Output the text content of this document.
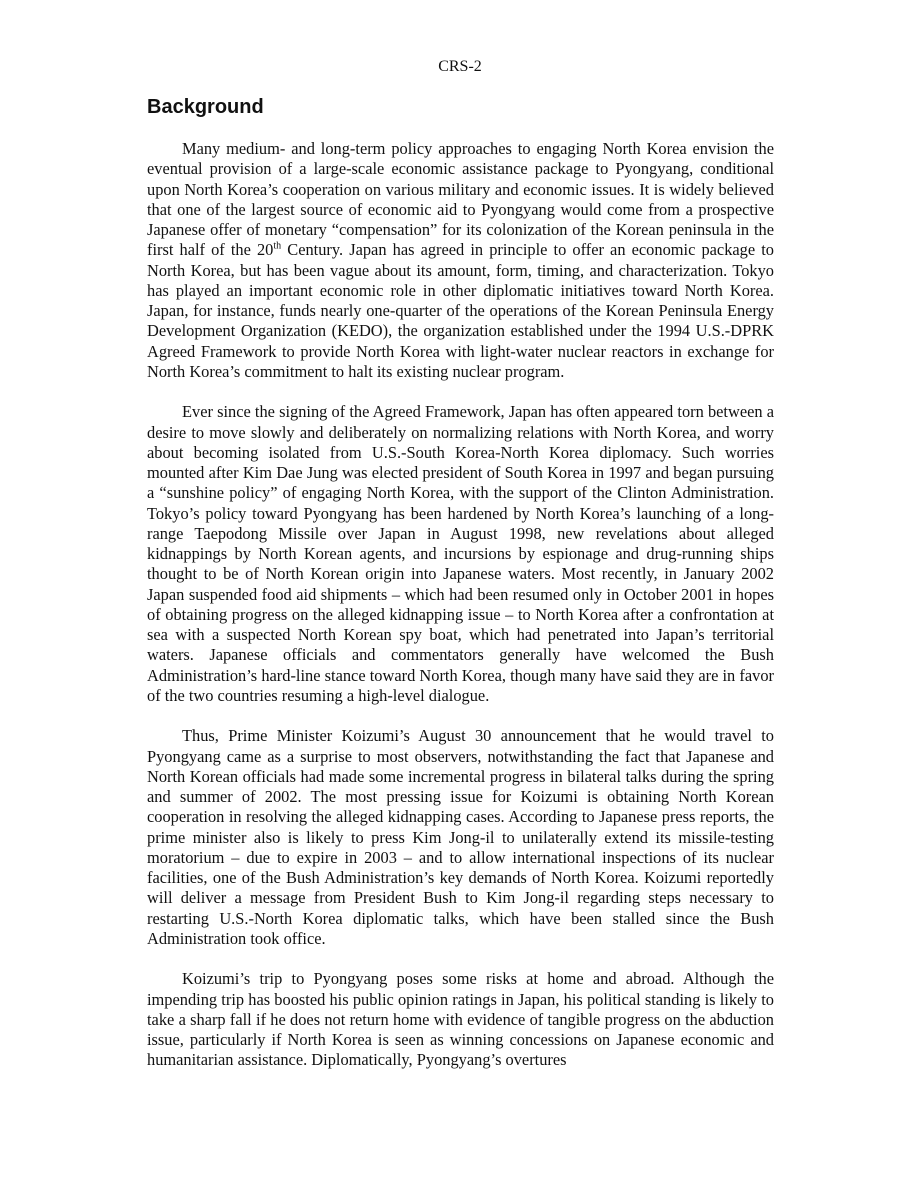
CRS-2
Background

Many medium- and long-term policy approaches to engaging North Korea envision the eventual provision of a large-scale economic assistance package to Pyongyang, conditional upon North Korea’s cooperation on various military and economic issues. It is widely believed that one of the largest source of economic aid to Pyongyang would come from a prospective Japanese offer of monetary “compensation” for its colonization of the Korean peninsula in the first half of the 20th Century. Japan has agreed in principle to offer an economic package to North Korea, but has been vague about its amount, form, timing, and characterization. Tokyo has played an important economic role in other diplomatic initiatives toward North Korea. Japan, for instance, funds nearly one-quarter of the operations of the Korean Peninsula Energy Development Organization (KEDO), the organization established under the 1994 U.S.-DPRK Agreed Framework to provide North Korea with light-water nuclear reactors in exchange for North Korea’s commitment to halt its existing nuclear program.

Ever since the signing of the Agreed Framework, Japan has often appeared torn between a desire to move slowly and deliberately on normalizing relations with North Korea, and worry about becoming isolated from U.S.-South Korea-North Korea diplomacy. Such worries mounted after Kim Dae Jung was elected president of South Korea in 1997 and began pursuing a “sunshine policy” of engaging North Korea, with the support of the Clinton Administration. Tokyo’s policy toward Pyongyang has been hardened by North Korea’s launching of a long-range Taepodong Missile over Japan in August 1998, new revelations about alleged kidnappings by North Korean agents, and incursions by espionage and drug-running ships thought to be of North Korean origin into Japanese waters. Most recently, in January 2002 Japan suspended food aid shipments – which had been resumed only in October 2001 in hopes of obtaining progress on the alleged kidnapping issue – to North Korea after a confrontation at sea with a suspected North Korean spy boat, which had penetrated into Japan’s territorial waters. Japanese officials and commentators generally have welcomed the Bush Administration’s hard-line stance toward North Korea, though many have said they are in favor of the two countries resuming a high-level dialogue.

Thus, Prime Minister Koizumi’s August 30 announcement that he would travel to Pyongyang came as a surprise to most observers, notwithstanding the fact that Japanese and North Korean officials had made some incremental progress in bilateral talks during the spring and summer of 2002. The most pressing issue for Koizumi is obtaining North Korean cooperation in resolving the alleged kidnapping cases. According to Japanese press reports, the prime minister also is likely to press Kim Jong-il to unilaterally extend its missile-testing moratorium – due to expire in 2003 – and to allow international inspections of its nuclear facilities, one of the Bush Administration’s key demands of North Korea. Koizumi reportedly will deliver a message from President Bush to Kim Jong-il regarding steps necessary to restarting U.S.-North Korea diplomatic talks, which have been stalled since the Bush Administration took office.

Koizumi’s trip to Pyongyang poses some risks at home and abroad. Although the impending trip has boosted his public opinion ratings in Japan, his political standing is likely to take a sharp fall if he does not return home with evidence of tangible progress on the abduction issue, particularly if North Korea is seen as winning concessions on Japanese economic and humanitarian assistance. Diplomatically, Pyongyang’s overtures
